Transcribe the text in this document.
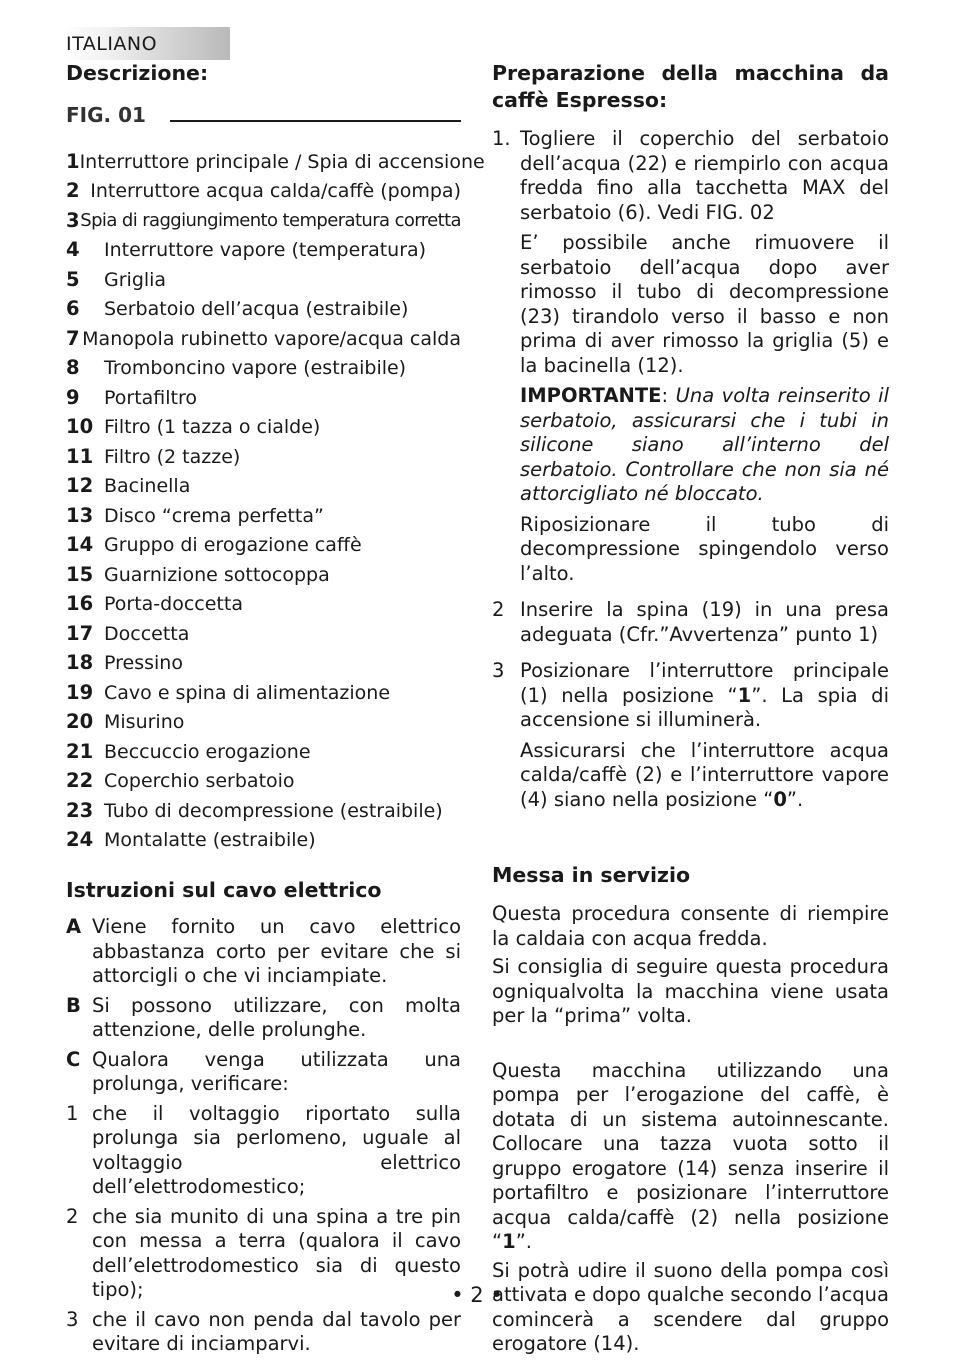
ITALIANO
Descrizione:
FIG. 01
1 Interruttore principale / Spia di accensione
2 Interruttore acqua calda/caffè (pompa)
3 Spia di raggiungimento temperatura corretta
4	Interruttore vapore (temperatura)
5	Griglia
6	Serbatoio dell’acqua (estraibile)
7 Manopola rubinetto vapore/acqua calda
8	Tromboncino vapore (estraibile)
9	Portafiltro
10 Filtro (1 tazza o cialde)
11 Filtro (2 tazze)
12 Bacinella
13 Disco “crema perfetta”
14 Gruppo di erogazione caffè
15 Guarnizione sottocoppa
16 Porta-doccetta
17 Doccetta
18 Pressino
19 Cavo e spina di alimentazione
20 Misurino
21 Beccuccio erogazione
22 Coperchio serbatoio
23 Tubo di decompressione (estraibile)
24 Montalatte (estraibile)
Istruzioni sul cavo elettrico
A Viene fornito un cavo elettrico abbastanza corto per evitare che si attorcigli o che vi inciampiate.
B Si possono utilizzare, con molta attenzione, delle prolunghe.
C Qualora venga utilizzata una prolunga, verificare:
1 che il voltaggio riportato sulla prolunga sia perlomeno, uguale al voltaggio elettrico dell’elettrodomestico;
2 che sia munito di una spina a tre pin con messa a terra (qualora il cavo dell’elettrodomestico sia di questo tipo);
3 che il cavo non penda dal tavolo per evitare di inciamparvi.
Preparazione della macchina da caffè Espresso:
1. Togliere il coperchio del serbatoio dell’acqua (22) e riempirlo con acqua fredda fino alla tacchetta MAX del serbatoio (6). Vedi FIG. 02

E’ possibile anche rimuovere il serbatoio dell’acqua dopo aver rimosso il tubo di decompressione (23) tirandolo verso il basso e non prima di aver rimosso la griglia (5) e la bacinella (12).

IMPORTANTE: Una volta reinserito il serbatoio, assicurarsi che i tubi in silicone siano all’interno del serbatoio. Controllare che non sia né attorcigliato né bloccato.

Riposizionare il tubo di decompressione spingendolo verso l’alto.

2 Inserire la spina (19) in una presa adeguata (Cfr.”Avvertenza” punto 1)

3 Posizionare l’interruttore principale (1) nella posizione “1”. La spia di accensione si illuminerà.

Assicurarsi che l’interruttore acqua calda/caffè (2) e l’interruttore vapore (4) siano nella posizione “0”.

Messa in servizio

Questa procedura consente di riempire la caldaia con acqua fredda.

Si consiglia di seguire questa procedura ogniqualvolta la macchina viene usata per la “prima” volta.

Questa macchina utilizzando una pompa per l’erogazione del caffè, è dotata di un sistema autoinnescante. Collocare una tazza vuota sotto il gruppo erogatore (14) senza inserire il portafiltro e posizionare l’interruttore acqua calda/caffè (2) nella posizione “1”.

Si potrà udire il suono della pompa così attivata e dopo qualche secondo l’acqua comincerà a scendere dal gruppo erogatore (14).

• 2 •
